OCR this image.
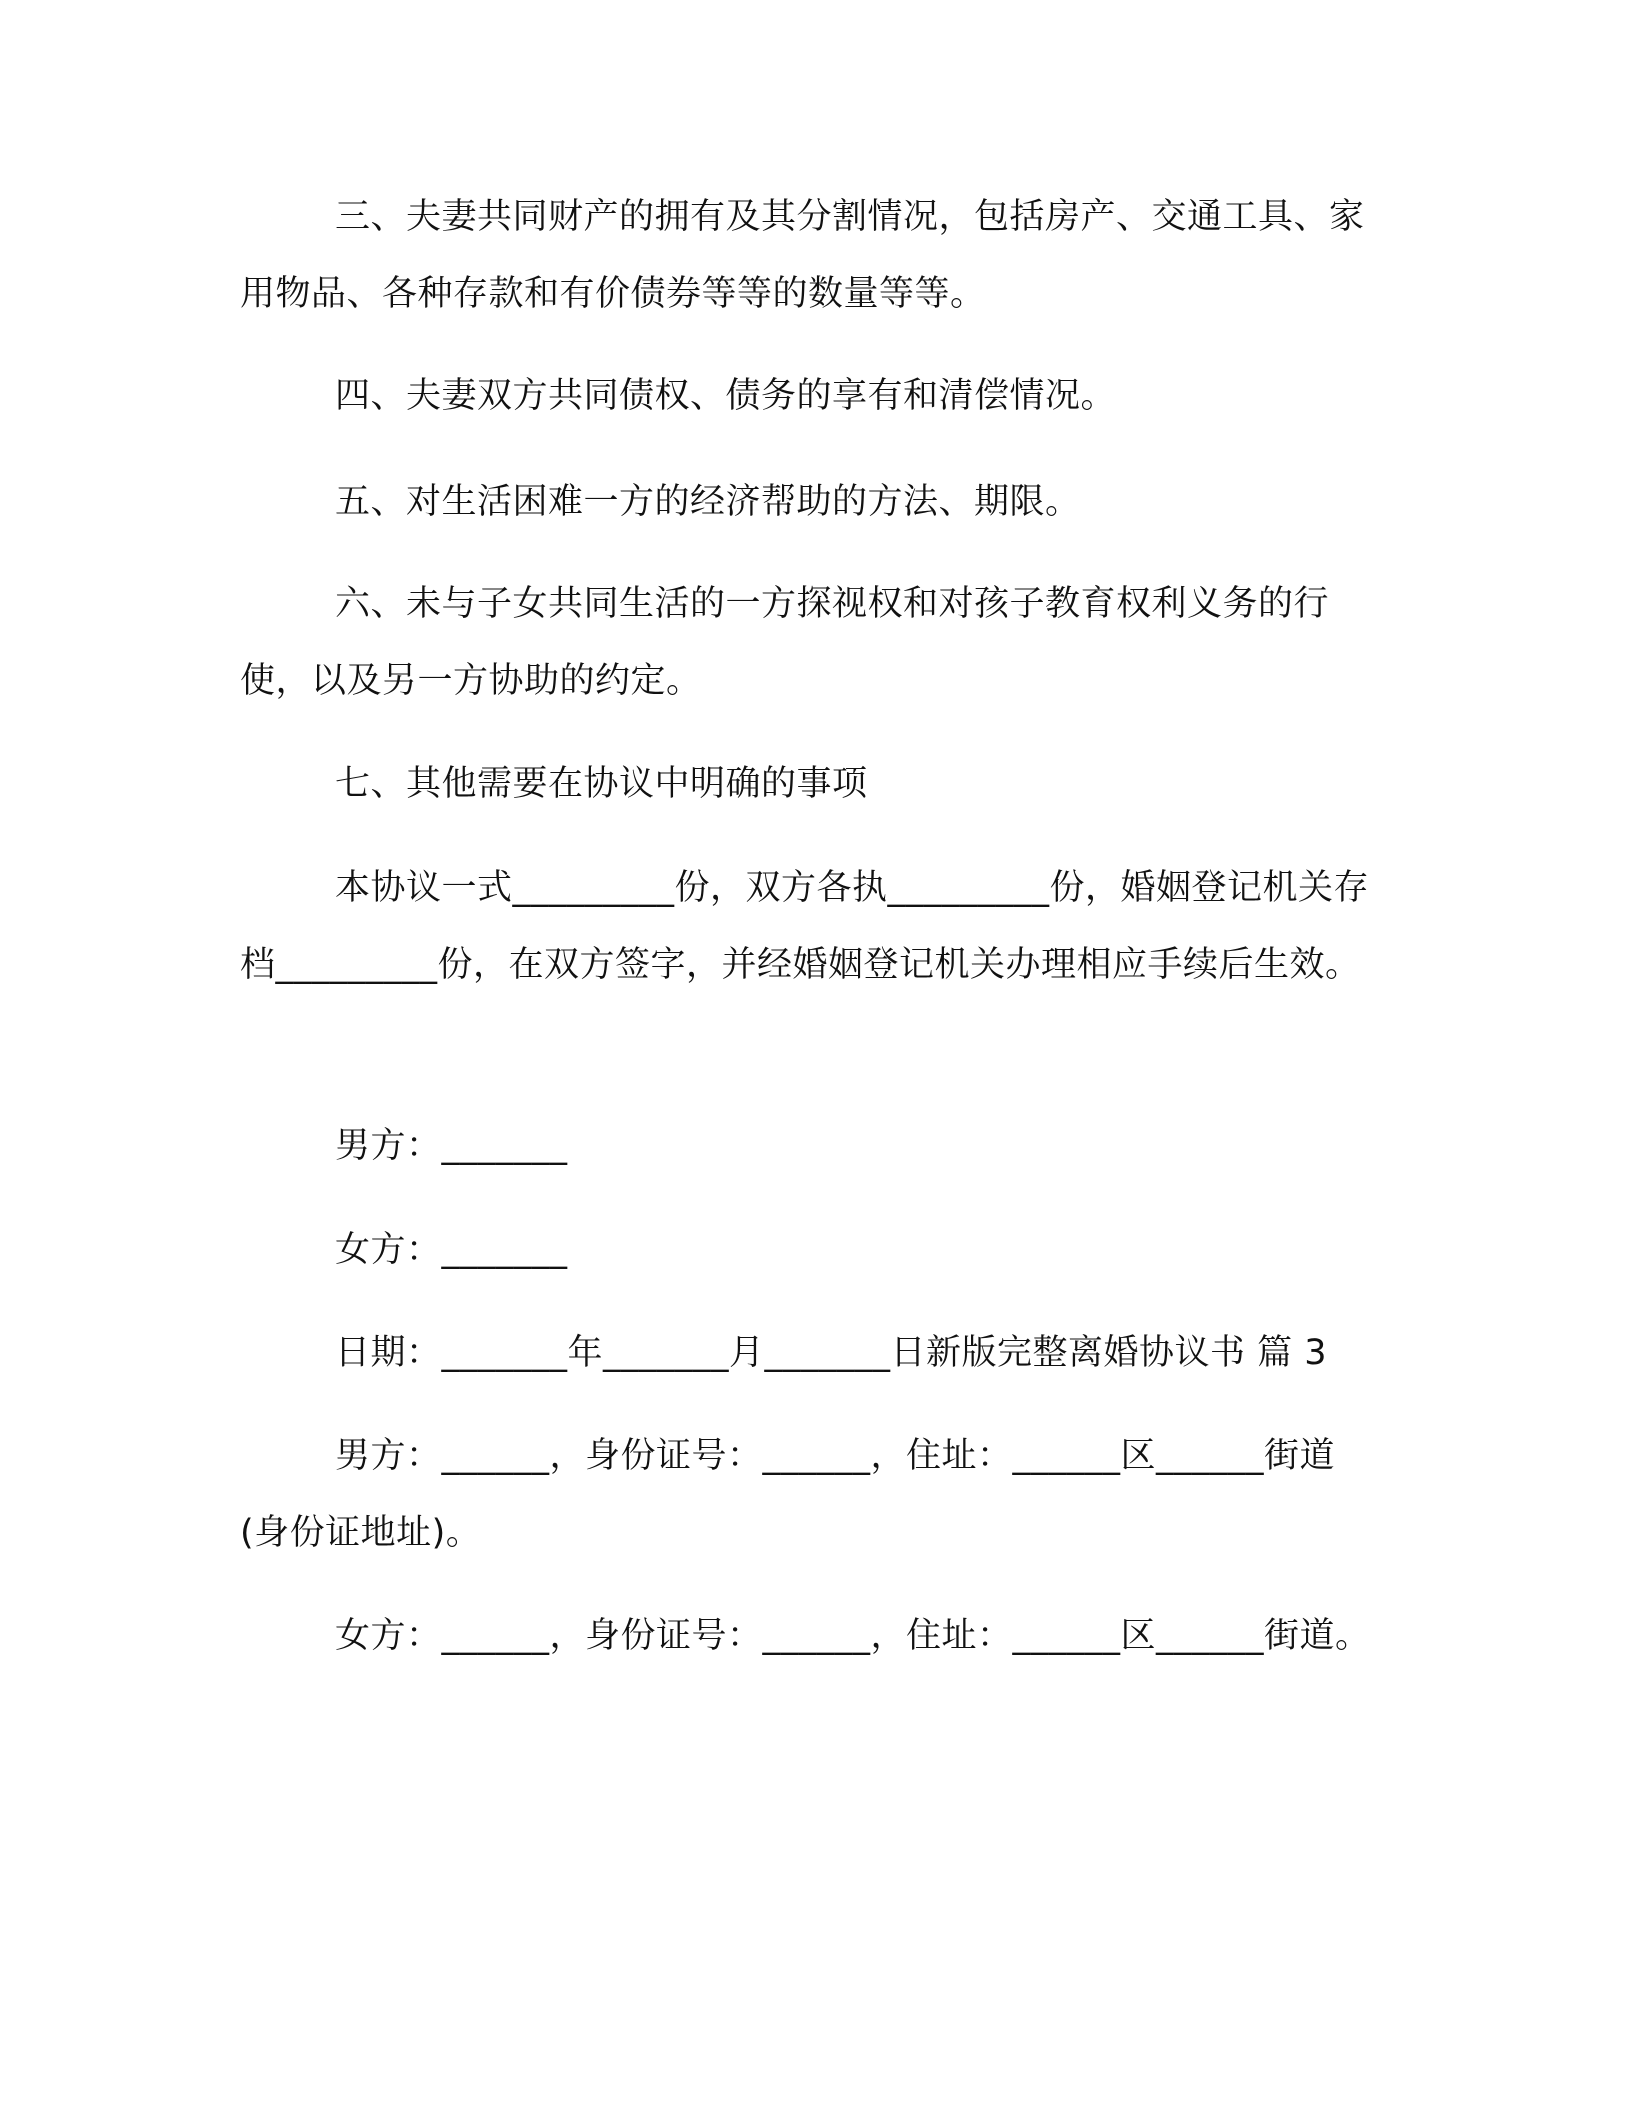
三、夫妻共同财产的拥有及其分割情况，包括房产、交通工具、家用物品、各种存款和有价债券等等的数量等等。

四、夫妻双方共同债权、债务的享有和清偿情况。

五、对生活困难一方的经济帮助的方法、期限。

六、未与子女共同生活的一方探视权和对孩子教育权利义务的行使，以及另一方协助的约定。

七、其他需要在协议中明确的事项

本协议一式_________份，双方各执_________份，婚姻登记机关存档_________份，在双方签字，并经婚姻登记机关办理相应手续后生效。

男方：_______

女方：_______

日期：_______年_______月_______日新版完整离婚协议书 篇 3

男方：______，身份证号：______，住址：______区______街道(身份证地址)。

女方：______，身份证号：______，住址：______区______街道。
